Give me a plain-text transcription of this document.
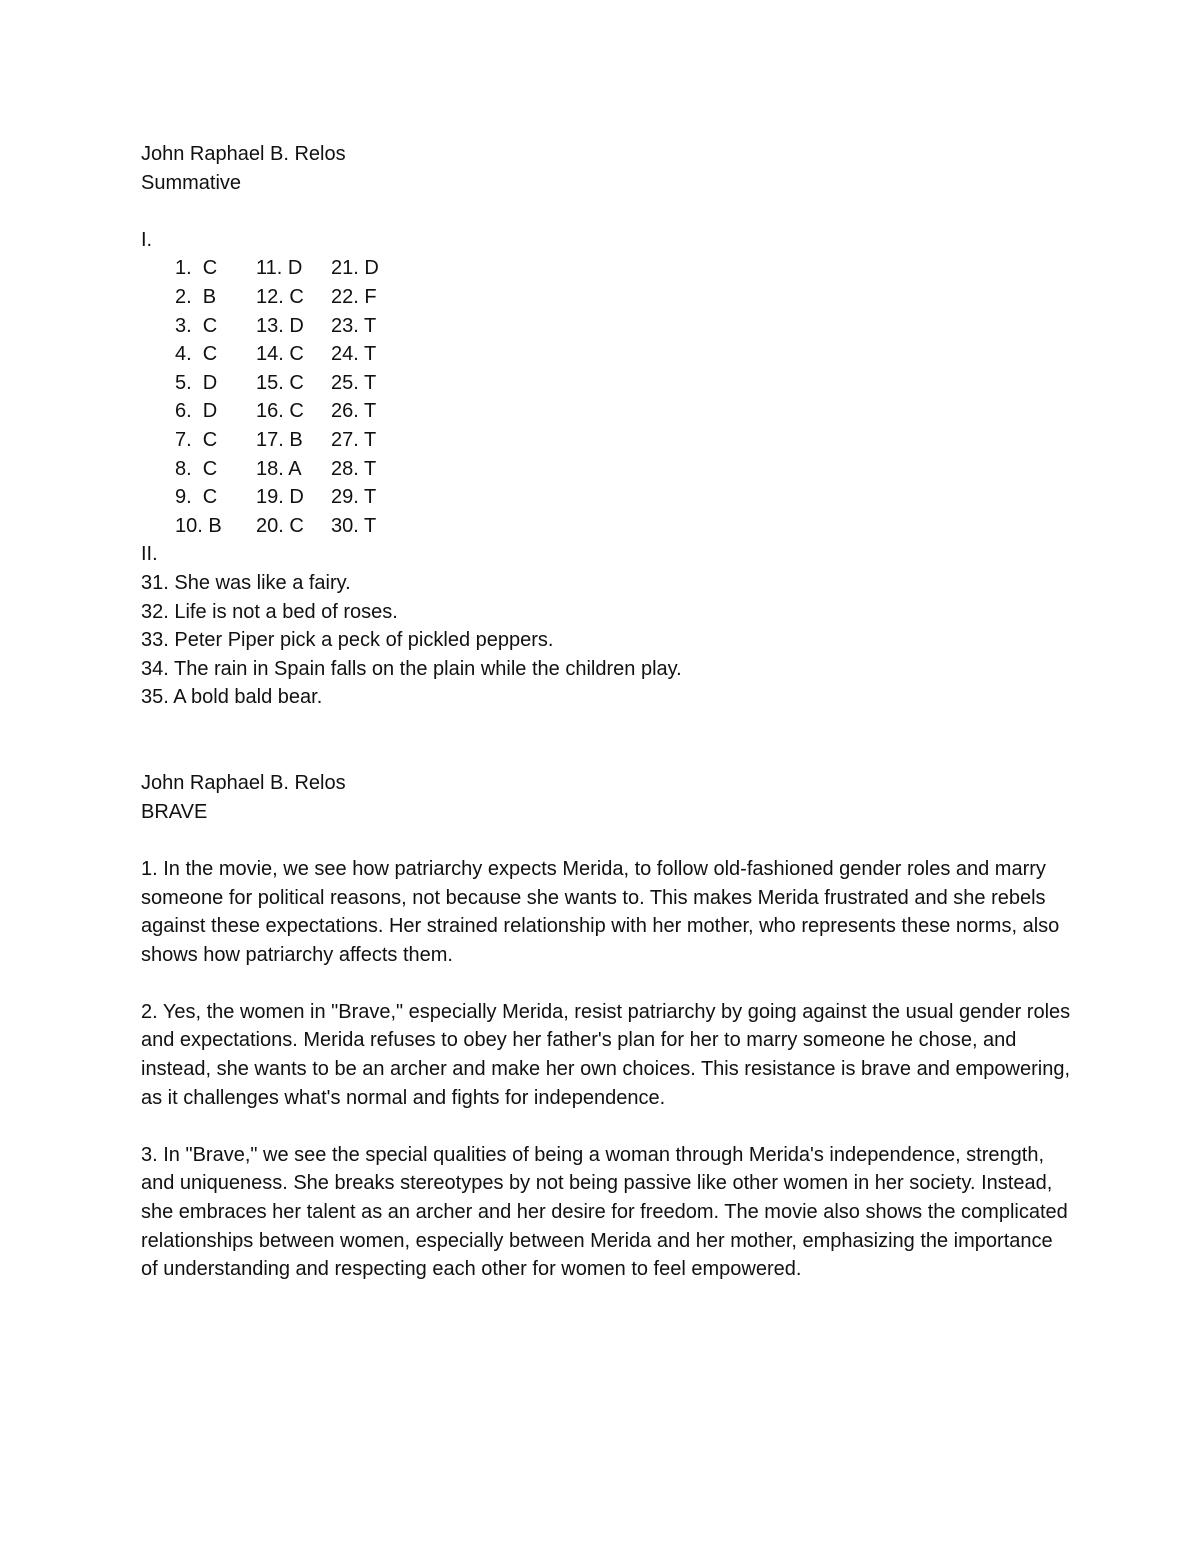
John Raphael B. Relos

Summative

I.

1.  C 11. D 21. D
2.  B 12. C 22. F
3.  C 13. D 23. T
4.  C 14. C 24. T
5.  D 15. C 25. T
6.  D 16. C 26. T
7.  C 17. B 27. T
8.  C 18. A 28. T
9.  C 19. D 29. T
10. B 20. C 30. T

II.

31. She was like a fairy.

32. Life is not a bed of roses.

33. Peter Piper pick a peck of pickled peppers.

34. The rain in Spain falls on the plain while the children play.

35. A bold bald bear.

John Raphael B. Relos

BRAVE

1. In the movie, we see how patriarchy expects Merida, to follow old-fashioned gender roles and marry someone for political reasons, not because she wants to. This makes Merida frustrated and she rebels against these expectations. Her strained relationship with her mother, who represents these norms, also shows how patriarchy affects them.

2. Yes, the women in "Brave," especially Merida, resist patriarchy by going against the usual gender roles and expectations. Merida refuses to obey her father's plan for her to marry someone he chose, and instead, she wants to be an archer and make her own choices. This resistance is brave and empowering, as it challenges what's normal and fights for independence.

3. In "Brave," we see the special qualities of being a woman through Merida's independence, strength, and uniqueness. She breaks stereotypes by not being passive like other women in her society. Instead, she embraces her talent as an archer and her desire for freedom. The movie also shows the complicated relationships between women, especially between Merida and her mother, emphasizing the importance of understanding and respecting each other for women to feel empowered.
